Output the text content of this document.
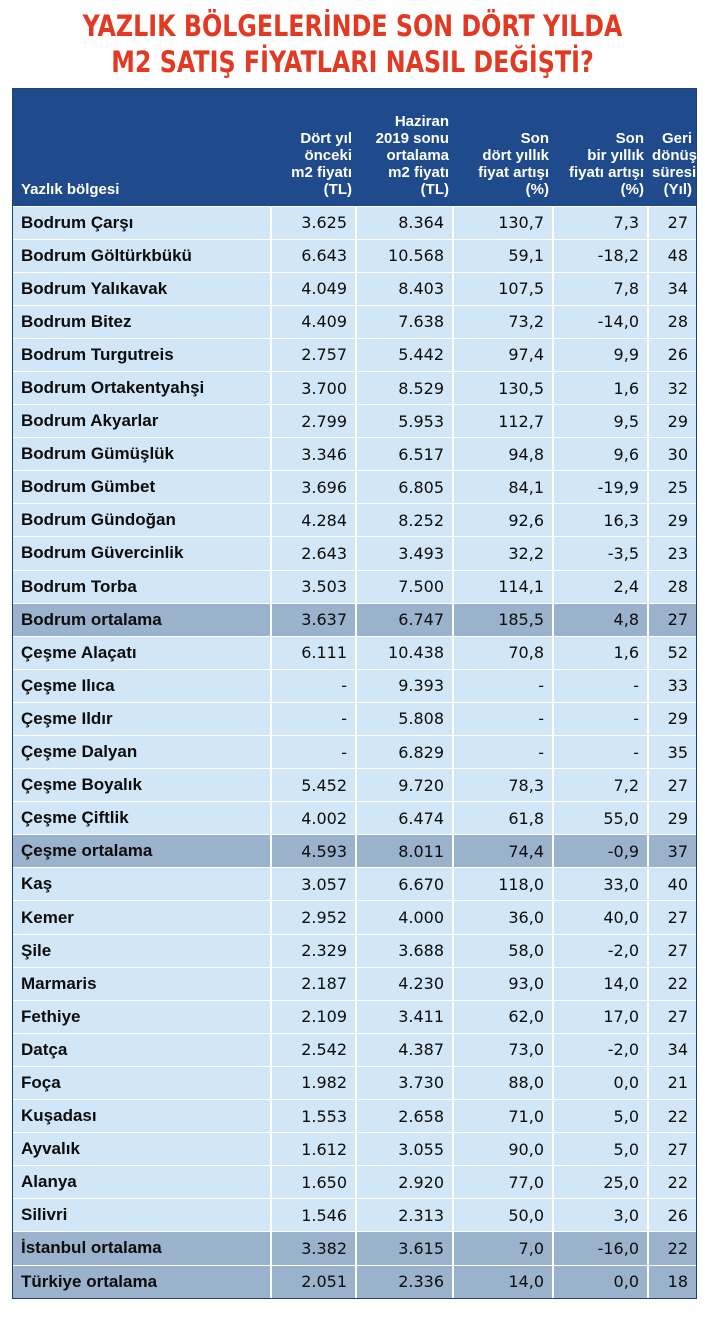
YAZLIK BÖLGELERİNDE SON DÖRT YILDA
M2 SATIŞ FİYATLARI NASIL DEĞİŞTİ?
Yazlık bölgesi	Dört yıl
önceki
m2 fiyatı
(TL)	Haziran
2019 sonu
ortalama
m2 fiyatı
(TL)	Son
dört yıllık
fiyat artışı
(%)	Son
bir yıllık
fiyatı artışı
(%)	Geri
dönüş
süresi
(Yıl)

Bodrum Çarşı	3.625	8.364	130,7	7,3	27
Bodrum Göltürkbükü	6.643	10.568	59,1	-18,2	48
Bodrum Yalıkavak	4.049	8.403	107,5	7,8	34
Bodrum Bitez	4.409	7.638	73,2	-14,0	28
Bodrum Turgutreis	2.757	5.442	97,4	9,9	26
Bodrum Ortakentyahşi	3.700	8.529	130,5	1,6	32
Bodrum Akyarlar	2.799	5.953	112,7	9,5	29
Bodrum Gümüşlük	3.346	6.517	94,8	9,6	30
Bodrum Gümbet	3.696	6.805	84,1	-19,9	25
Bodrum Gündoğan	4.284	8.252	92,6	16,3	29
Bodrum Güvercinlik	2.643	3.493	32,2	-3,5	23
Bodrum Torba	3.503	7.500	114,1	2,4	28
Bodrum ortalama	3.637	6.747	185,5	4,8	27
Çeşme Alaçatı	6.111	10.438	70,8	1,6	52
Çeşme Ilıca	-	9.393	-	-	33
Çeşme Ildır	-	5.808	-	-	29
Çeşme Dalyan	-	6.829	-	-	35
Çeşme Boyalık	5.452	9.720	78,3	7,2	27
Çeşme Çiftlik	4.002	6.474	61,8	55,0	29
Çeşme ortalama	4.593	8.011	74,4	-0,9	37
Kaş	3.057	6.670	118,0	33,0	40
Kemer	2.952	4.000	36,0	40,0	27
Şile	2.329	3.688	58,0	-2,0	27
Marmaris	2.187	4.230	93,0	14,0	22
Fethiye	2.109	3.411	62,0	17,0	27
Datça	2.542	4.387	73,0	-2,0	34
Foça	1.982	3.730	88,0	0,0	21
Kuşadası	1.553	2.658	71,0	5,0	22
Ayvalık	1.612	3.055	90,0	5,0	27
Alanya	1.650	2.920	77,0	25,0	22
Silivri	1.546	2.313	50,0	3,0	26
İstanbul ortalama	3.382	3.615	7,0	-16,0	22
Türkiye ortalama	2.051	2.336	14,0	0,0	18
